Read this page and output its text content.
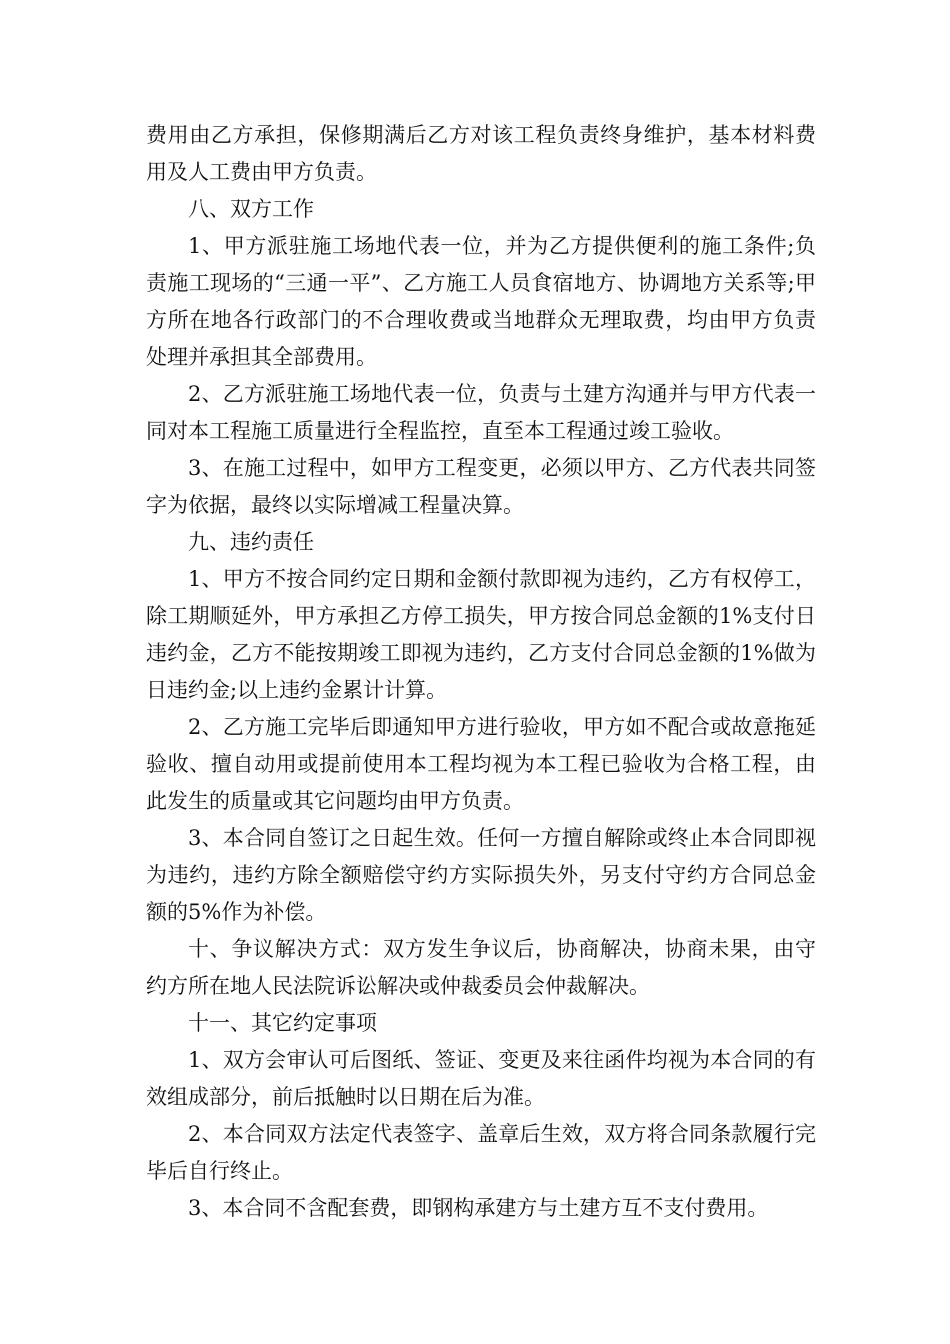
费用由乙方承担，保修期满后乙方对该工程负责终身维护，基本材料费用及人工费由甲方负责。

八、双方工作

1、甲方派驻施工场地代表一位，并为乙方提供便利的施工条件;负责施工现场的“三通一平”、乙方施工人员食宿地方、协调地方关系等;甲方所在地各行政部门的不合理收费或当地群众无理取费，均由甲方负责处理并承担其全部费用。

2、乙方派驻施工场地代表一位，负责与土建方沟通并与甲方代表一同对本工程施工质量进行全程监控，直至本工程通过竣工验收。

3、在施工过程中，如甲方工程变更，必须以甲方、乙方代表共同签字为依据，最终以实际增减工程量决算。

九、违约责任

1、甲方不按合同约定日期和金额付款即视为违约，乙方有权停工，除工期顺延外，甲方承担乙方停工损失，甲方按合同总金额的1%支付日违约金，乙方不能按期竣工即视为违约，乙方支付合同总金额的1%做为日违约金;以上违约金累计计算。

2、乙方施工完毕后即通知甲方进行验收，甲方如不配合或故意拖延验收、擅自动用或提前使用本工程均视为本工程已验收为合格工程，由此发生的质量或其它问题均由甲方负责。

3、本合同自签订之日起生效。任何一方擅自解除或终止本合同即视为违约，违约方除全额赔偿守约方实际损失外，另支付守约方合同总金额的5%作为补偿。

十、争议解决方式：双方发生争议后，协商解决，协商未果，由守约方所在地人民法院诉讼解决或仲裁委员会仲裁解决。

十一、其它约定事项

1、双方会审认可后图纸、签证、变更及来往函件均视为本合同的有效组成部分，前后抵触时以日期在后为准。

2、本合同双方法定代表签字、盖章后生效，双方将合同条款履行完毕后自行终止。

3、本合同不含配套费，即钢构承建方与土建方互不支付费用。
